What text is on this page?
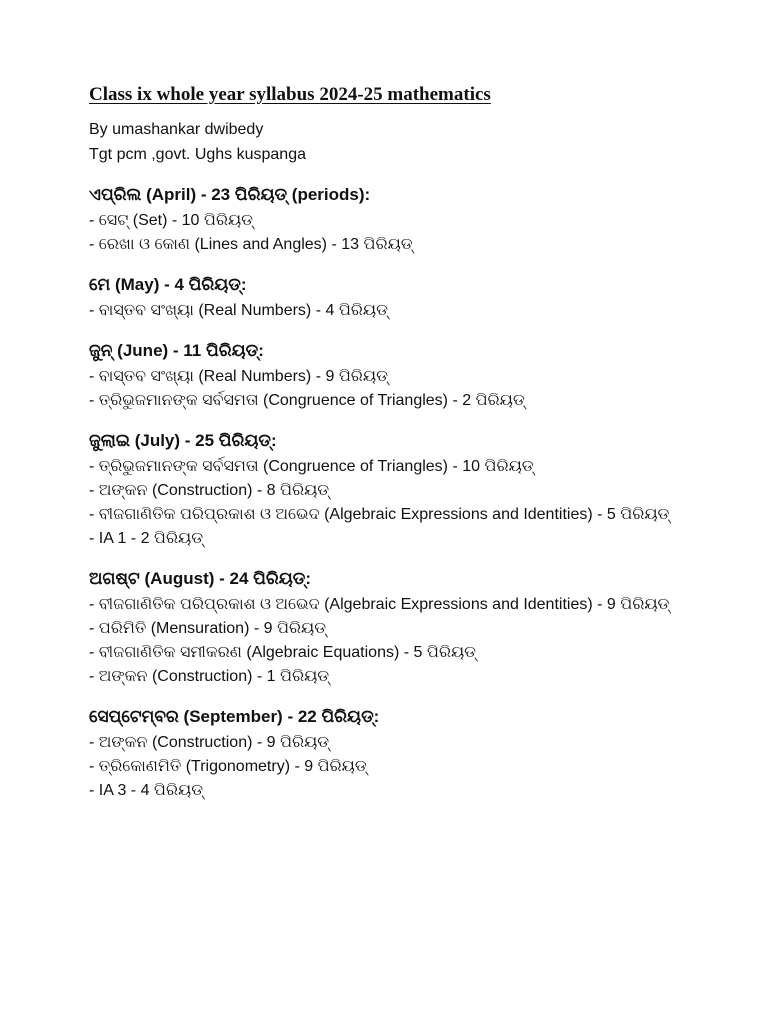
Class ix whole year syllabus 2024-25 mathematics
By umashankar dwibedy
Tgt pcm ,govt. Ughs kuspanga
ଏପ୍ରିଲ (April) - 23 ପିରିୟଡ୍ (periods):
- ସେଟ୍ (Set) - 10 ପିରିୟଡ୍
- ରେଖା ଓ କୋଣ (Lines and Angles) - 13 ପିରିୟଡ୍
ମେ (May) - 4 ପିରିୟଡ୍:
- ବାସ୍ତବ ସଂଖ୍ୟା (Real Numbers) - 4 ପିରିୟଡ୍
ଜୁନ୍ (June) - 11 ପିରିୟଡ୍:
- ବାସ୍ତବ ସଂଖ୍ୟା (Real Numbers) - 9 ପିରିୟଡ୍
- ତ୍ରିଭୁଜମାନଙ୍କ ସର୍ବସମତା (Congruence of Triangles) - 2 ପିରିୟଡ୍
ଜୁଲାଇ (July) - 25 ପିରିୟଡ୍:
- ତ୍ରିଭୁଜମାନଙ୍କ ସର୍ବସମତା (Congruence of Triangles) - 10 ପିରିୟଡ୍
- ଅଙ୍କନ (Construction) - 8 ପିରିୟଡ୍
- ବୀଜଗାଣିତିକ ପରିପ୍ରକାଶ ଓ ଅଭେଦ (Algebraic Expressions and Identities) - 5 ପିରିୟଡ୍
- IA 1 - 2 ପିରିୟଡ୍
ଅଗଷ୍ଟ (August) - 24 ପିରିୟଡ୍:
- ବୀଜଗାଣିତିକ ପରିପ୍ରକାଶ ଓ ଅଭେଦ (Algebraic Expressions and Identities) - 9 ପିରିୟଡ୍
- ପରିମିତି (Mensuration) - 9 ପିରିୟଡ୍
- ବୀଜଗାଣିତିକ ସମୀକରଣ (Algebraic Equations) - 5 ପିରିୟଡ୍
- ଅଙ୍କନ (Construction) - 1 ପିରିୟଡ୍
ସେପ୍ଟେମ୍ବର (September) - 22 ପିରିୟଡ୍:
- ଅଙ୍କନ (Construction) - 9 ପିରିୟଡ୍
- ତ୍ରିକୋଣମିତି (Trigonometry) - 9 ପିରିୟଡ୍
- IA 3 - 4 ପିରିୟଡ୍
